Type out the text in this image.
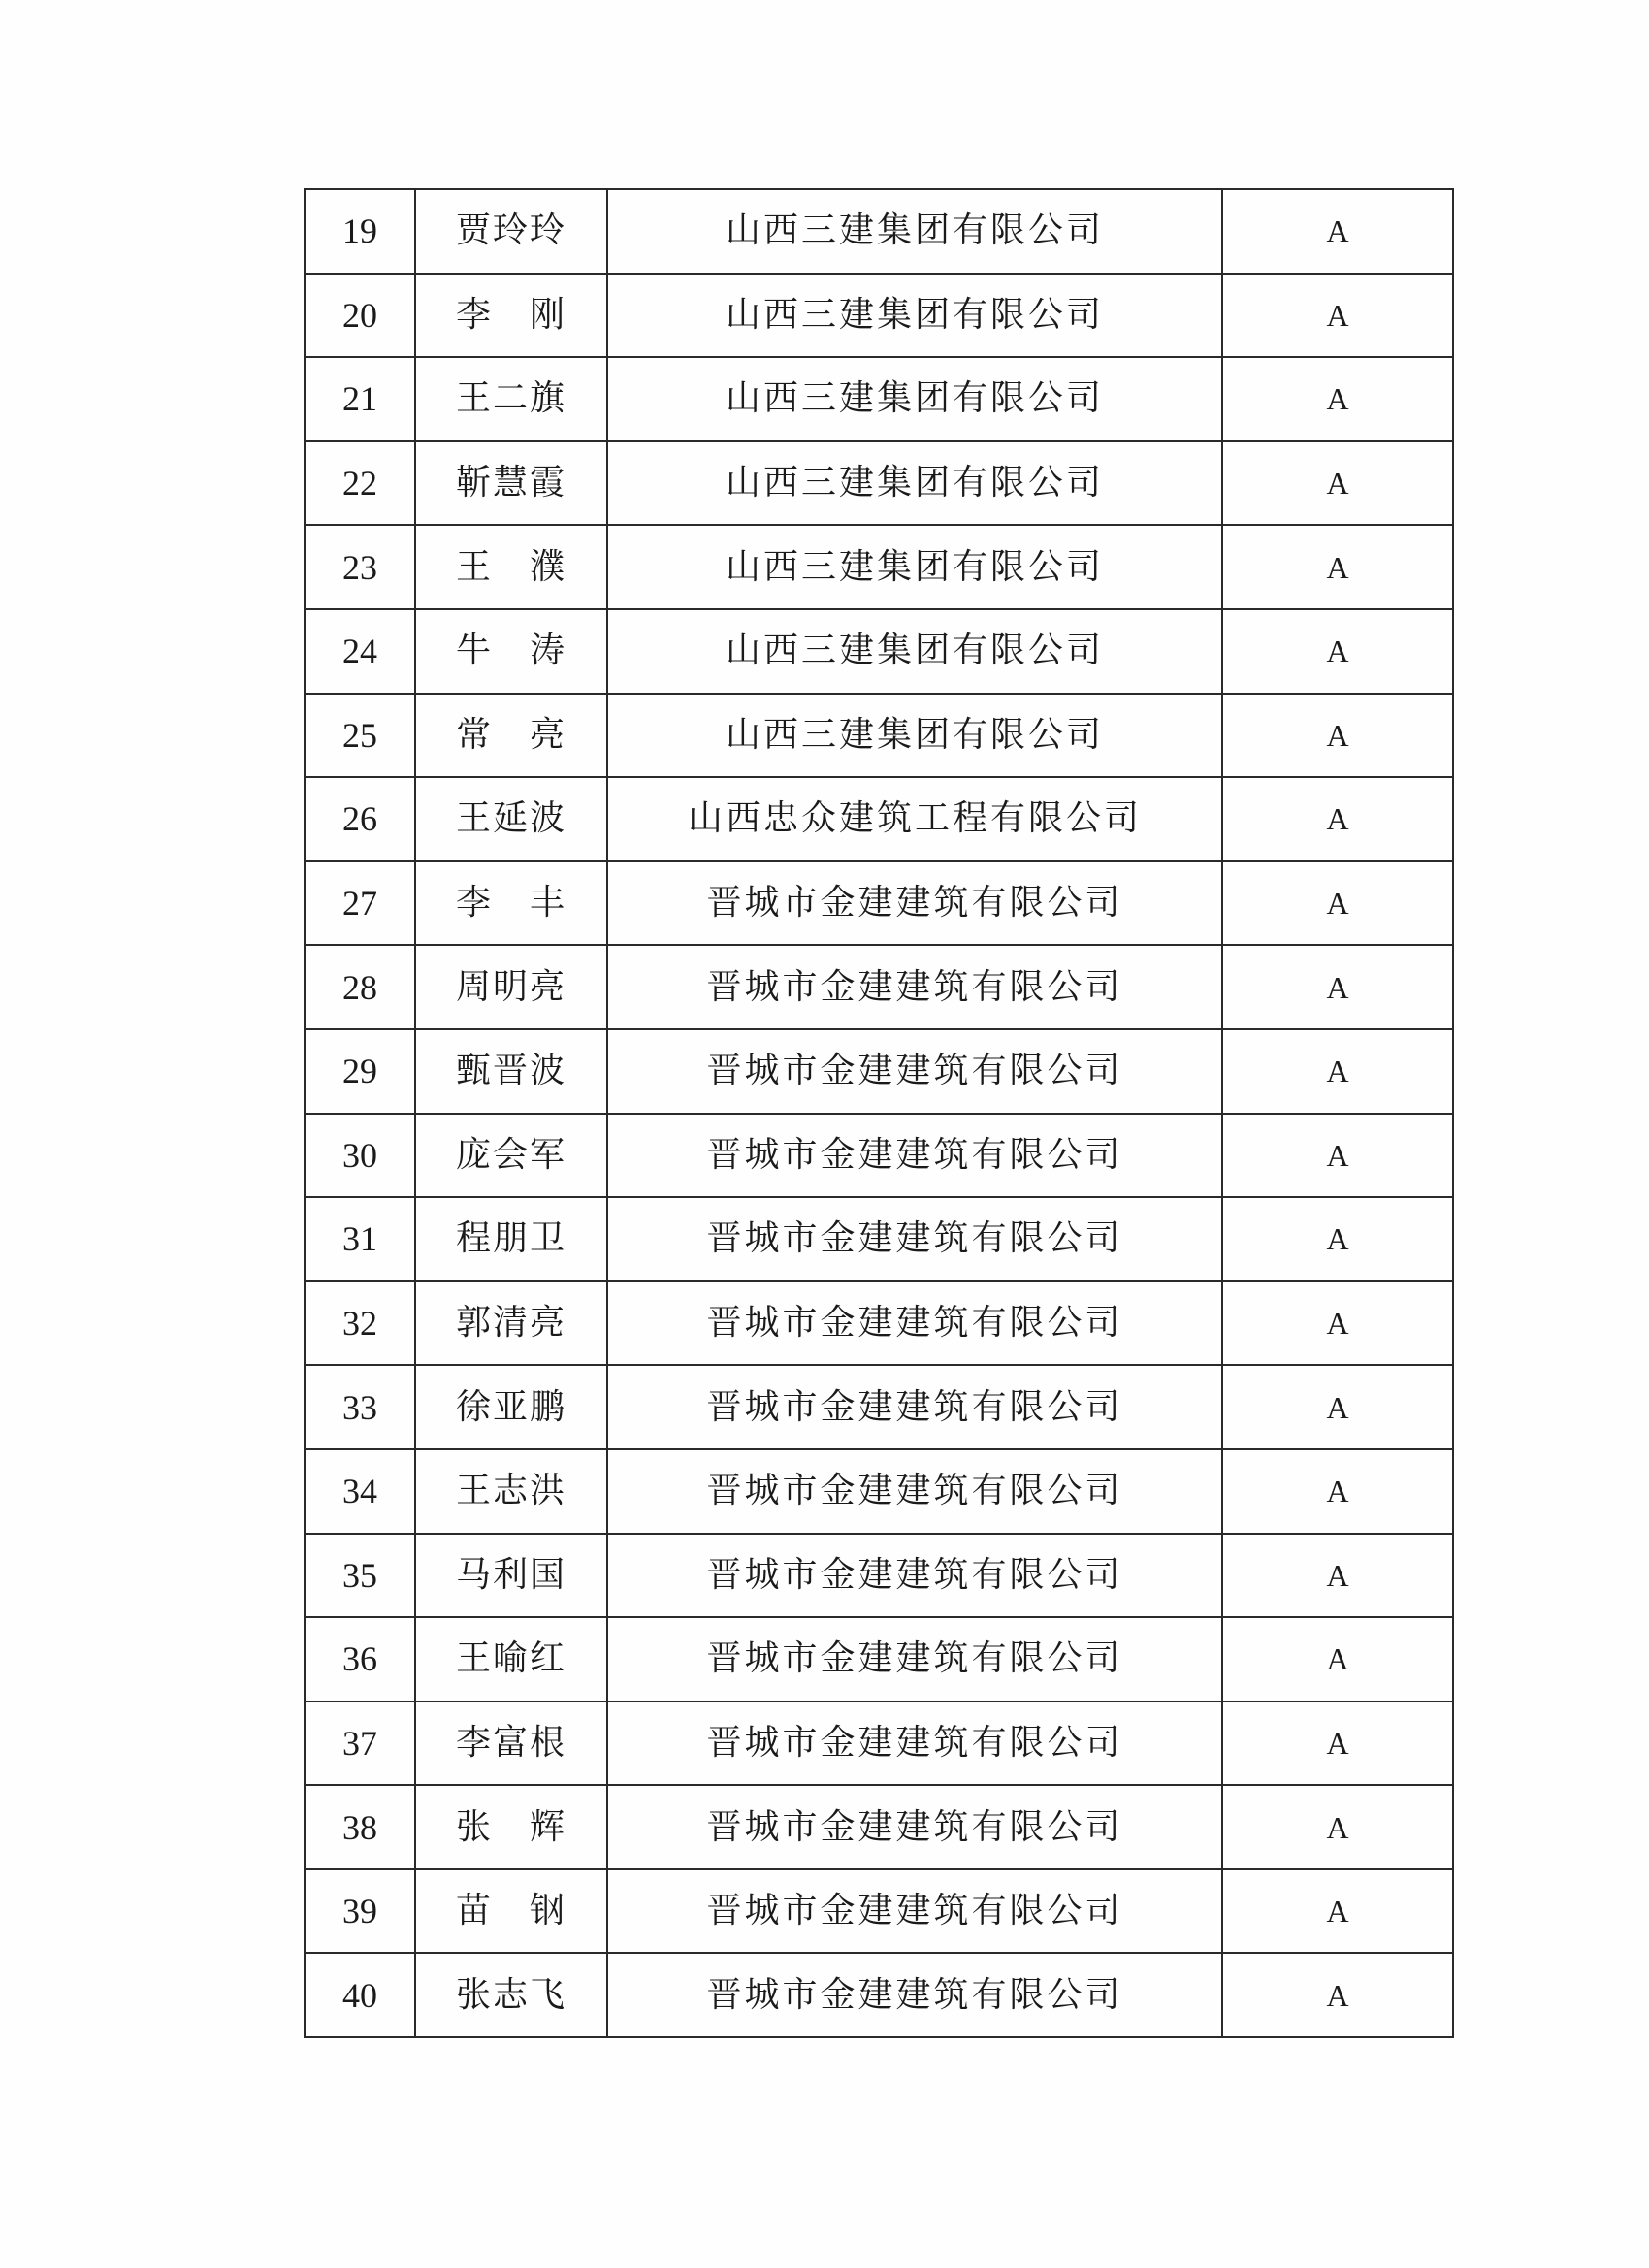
19	贾玲玲	山西三建集团有限公司	A
20	李　刚	山西三建集团有限公司	A
21	王二旗	山西三建集团有限公司	A
22	靳慧霞	山西三建集团有限公司	A
23	王　濮	山西三建集团有限公司	A
24	牛　涛	山西三建集团有限公司	A
25	常　亮	山西三建集团有限公司	A
26	王延波	山西忠众建筑工程有限公司	A
27	李　丰	晋城市金建建筑有限公司	A
28	周明亮	晋城市金建建筑有限公司	A
29	甄晋波	晋城市金建建筑有限公司	A
30	庞会军	晋城市金建建筑有限公司	A
31	程朋卫	晋城市金建建筑有限公司	A
32	郭清亮	晋城市金建建筑有限公司	A
33	徐亚鹏	晋城市金建建筑有限公司	A
34	王志洪	晋城市金建建筑有限公司	A
35	马利国	晋城市金建建筑有限公司	A
36	王喻红	晋城市金建建筑有限公司	A
37	李富根	晋城市金建建筑有限公司	A
38	张　辉	晋城市金建建筑有限公司	A
39	苗　钢	晋城市金建建筑有限公司	A
40	张志飞	晋城市金建建筑有限公司	A
